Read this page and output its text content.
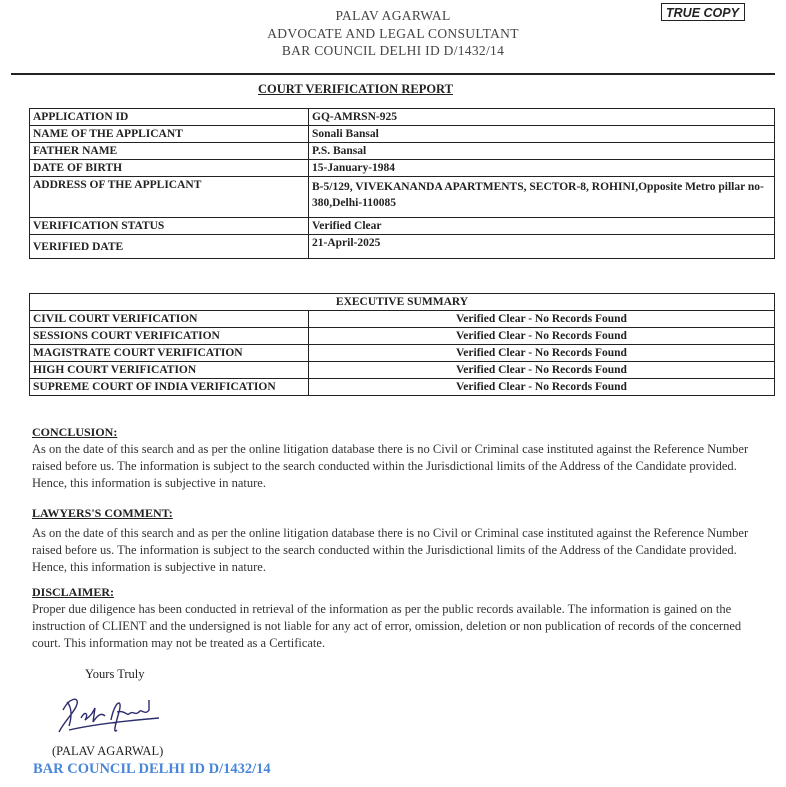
PALAV AGARWAL
ADVOCATE AND LEGAL CONSULTANT
BAR COUNCIL DELHI ID D/1432/14
TRUE COPY
COURT VERIFICATION REPORT
APPLICATION ID	GQ-AMRSN-925
NAME OF THE APPLICANT	Sonali Bansal
FATHER NAME	P.S. Bansal
DATE OF BIRTH	15-January-1984
ADDRESS OF THE APPLICANT	B-5/129, VIVEKANANDA APARTMENTS, SECTOR-8, ROHINI,Opposite Metro pillar no-380,Delhi-110085
VERIFICATION STATUS	Verified Clear
VERIFIED DATE	21-April-2025
EXECUTIVE SUMMARY	
CIVIL COURT VERIFICATION	Verified Clear - No Records Found
SESSIONS COURT VERIFICATION	Verified Clear - No Records Found
MAGISTRATE COURT VERIFICATION	Verified Clear - No Records Found
HIGH COURT VERIFICATION	Verified Clear - No Records Found
SUPREME COURT OF INDIA VERIFICATION	Verified Clear - No Records Found
CONCLUSION:
As on the date of this search and as per the online litigation database there is no Civil or Criminal case instituted against the Reference Number raised before us. The information is subject to the search conducted within the Jurisdictional limits of the Address of the Candidate provided. Hence, this information is subjective in nature.
LAWYERS'S COMMENT:
As on the date of this search and as per the online litigation database there is no Civil or Criminal case instituted against the Reference Number raised before us. The information is subject to the search conducted within the Jurisdictional limits of the Address of the Candidate provided. Hence, this information is subjective in nature.
DISCLAIMER:
Proper due diligence has been conducted in retrieval of the information as per the public records available. The information is gained on the instruction of CLIENT and the undersigned is not liable for any act of error, omission, deletion or non publication of records of the concerned court. This information may not be treated as a Certificate.
Yours Truly
(PALAV AGARWAL)
BAR COUNCIL DELHI ID D/1432/14
